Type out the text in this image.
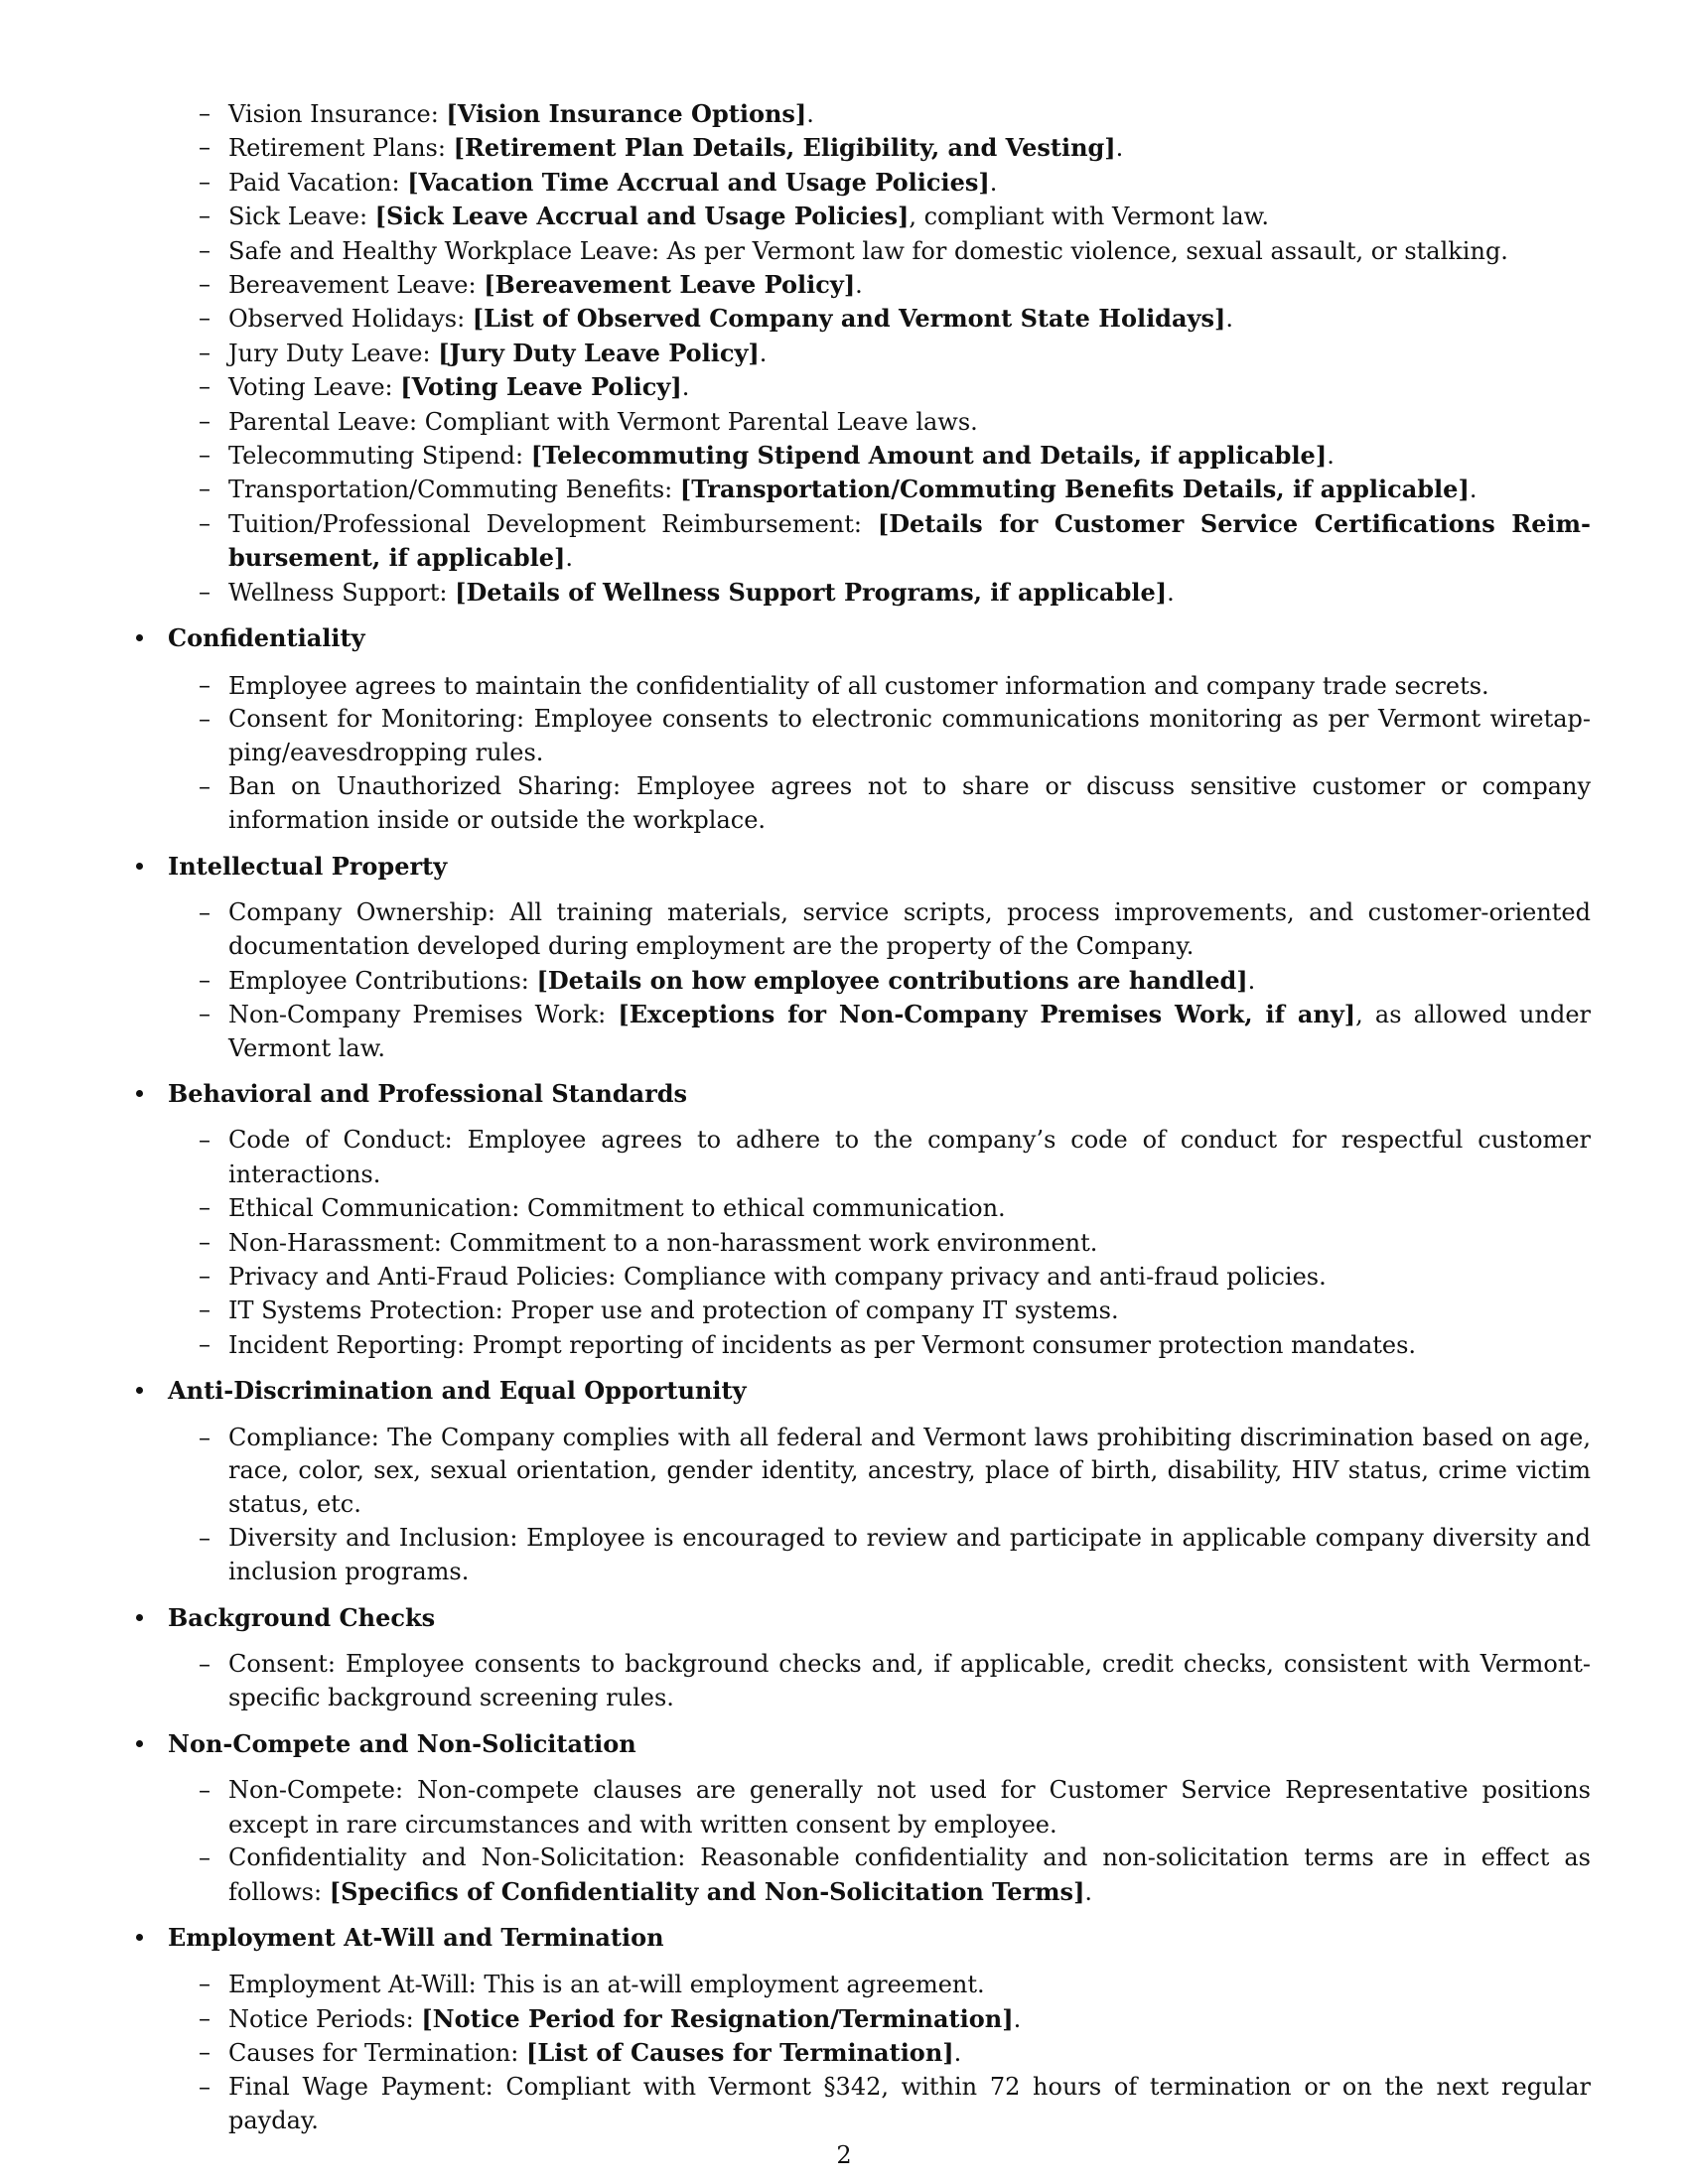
– Vision Insurance: [Vision Insurance Options].
– Retirement Plans: [Retirement Plan Details, Eligibility, and Vesting].
– Paid Vacation: [Vacation Time Accrual and Usage Policies].
– Sick Leave: [Sick Leave Accrual and Usage Policies], compliant with Vermont law.
– Safe and Healthy Workplace Leave: As per Vermont law for domestic violence, sexual assault, or stalking.
– Bereavement Leave: [Bereavement Leave Policy].
– Observed Holidays: [List of Observed Company and Vermont State Holidays].
– Jury Duty Leave: [Jury Duty Leave Policy].
– Voting Leave: [Voting Leave Policy].
– Parental Leave: Compliant with Vermont Parental Leave laws.
– Telecommuting Stipend: [Telecommuting Stipend Amount and Details, if applicable].
– Transportation/Commuting Benefits: [Transportation/Commuting Benefits Details, if applicable].
– Tuition/Professional Development Reimbursement: [Details for Customer Service Certifications Reimbursement, if applicable].
– Wellness Support: [Details of Wellness Support Programs, if applicable].
Confidentiality
– Employee agrees to maintain the confidentiality of all customer information and company trade secrets.
– Consent for Monitoring: Employee consents to electronic communications monitoring as per Vermont wiretapping/eavesdropping rules.
– Ban on Unauthorized Sharing: Employee agrees not to share or discuss sensitive customer or company information inside or outside the workplace.
Intellectual Property
– Company Ownership: All training materials, service scripts, process improvements, and customer-oriented documentation developed during employment are the property of the Company.
– Employee Contributions: [Details on how employee contributions are handled].
– Non-Company Premises Work: [Exceptions for Non-Company Premises Work, if any], as allowed under Vermont law.
Behavioral and Professional Standards
– Code of Conduct: Employee agrees to adhere to the company’s code of conduct for respectful customer interactions.
– Ethical Communication: Commitment to ethical communication.
– Non-Harassment: Commitment to a non-harassment work environment.
– Privacy and Anti-Fraud Policies: Compliance with company privacy and anti-fraud policies.
– IT Systems Protection: Proper use and protection of company IT systems.
– Incident Reporting: Prompt reporting of incidents as per Vermont consumer protection mandates.
Anti-Discrimination and Equal Opportunity
– Compliance: The Company complies with all federal and Vermont laws prohibiting discrimination based on age, race, color, sex, sexual orientation, gender identity, ancestry, place of birth, disability, HIV status, crime victim status, etc.
– Diversity and Inclusion: Employee is encouraged to review and participate in applicable company diversity and inclusion programs.
Background Checks
– Consent: Employee consents to background checks and, if applicable, credit checks, consistent with Vermont-specific background screening rules.
Non-Compete and Non-Solicitation
– Non-Compete: Non-compete clauses are generally not used for Customer Service Representative positions except in rare circumstances and with written consent by employee.
– Confidentiality and Non-Solicitation: Reasonable confidentiality and non-solicitation terms are in effect as follows: [Specifics of Confidentiality and Non-Solicitation Terms].
Employment At-Will and Termination
– Employment At-Will: This is an at-will employment agreement.
– Notice Periods: [Notice Period for Resignation/Termination].
– Causes for Termination: [List of Causes for Termination].
– Final Wage Payment: Compliant with Vermont §342, within 72 hours of termination or on the next regular payday.
2
